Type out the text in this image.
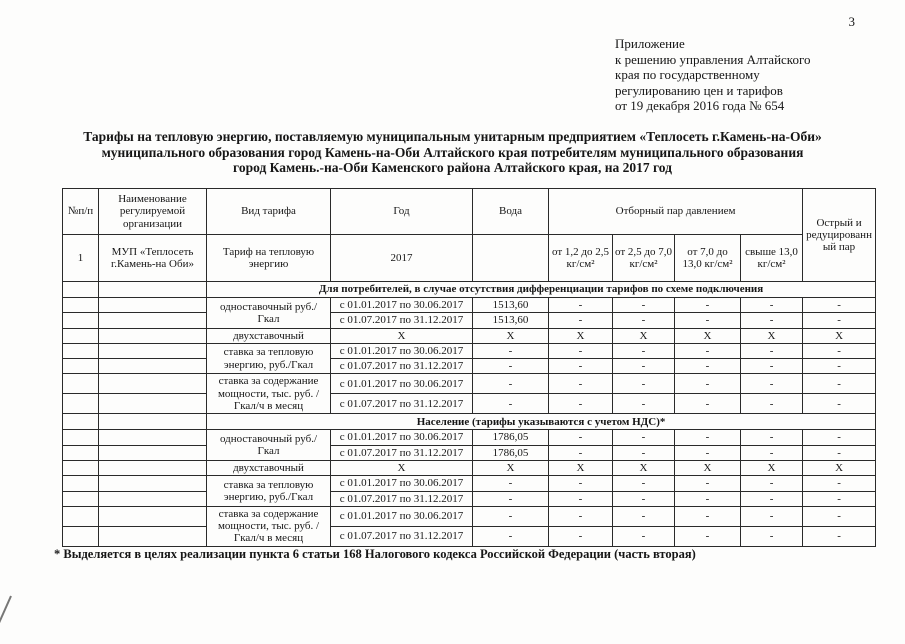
3
Приложение
к решению управления Алтайского
края по государственному
регулированию цен и тарифов
от 19 декабря 2016 года № 654
Тарифы на тепловую энергию, поставляемую муниципальным унитарным предприятием «Теплосеть г.Камень-на-Оби»
муниципального образования город Камень-на-Оби Алтайского края потребителям муниципального образования
город Камень.-на-Оби Каменского района Алтайского края, на 2017 год
№п/п	Наименование регулируемой организации	Вид тарифа	Год	Вода	Отборный пар давлением				Острый и редуцированный пар
1	МУП «Теплосеть г.Камень-на Оби»	Тариф на тепловую энергию	2017		от 1,2 до 2,5 кг/см²	от 2,5 до 7,0 кг/см²	от 7,0 до 13,0 кг/см²	свыше 13,0 кг/см²	
		Для потребителей, в случае отсутствия дифференциации тарифов по схеме подключения							
		одноставочный руб./Гкал	с 01.01.2017 по 30.06.2017	1513,60	-	-	-	-	-
			с 01.07.2017 по 31.12.2017	1513,60	-	-	-	-	-
		двухставочный	X	X	X	X	X	X	X
		ставка за тепловую энергию, руб./Гкал	с 01.01.2017 по 30.06.2017	-	-	-	-	-	-
			с 01.07.2017 по 31.12.2017	-	-	-	-	-	-
		ставка за содержание мощности, тыс. руб. /Гкал/ч в месяц	с 01.01.2017 по 30.06.2017	-	-	-	-	-	-
			с 01.07.2017 по 31.12.2017	-	-	-	-	-	-
		Население (тарифы указываются с учетом НДС)*							
		одноставочный руб./Гкал	с 01.01.2017 по 30.06.2017	1786,05	-	-	-	-	-
			с 01.07.2017 по 31.12.2017	1786,05	-	-	-	-	-
		двухставочный	X	X	X	X	X	X	X
		ставка за тепловую энергию, руб./Гкал	с 01.01.2017 по 30.06.2017	-	-	-	-	-	-
			с 01.07.2017 по 31.12.2017	-	-	-	-	-	-
		ставка за содержание мощности, тыс. руб. /Гкал/ч в месяц	с 01.01.2017 по 30.06.2017	-	-	-	-	-	-
			с 01.07.2017 по 31.12.2017	-	-	-	-	-	-
* Выделяется в целях реализации пункта 6 статьи 168 Налогового кодекса Российской Федерации (часть вторая)
